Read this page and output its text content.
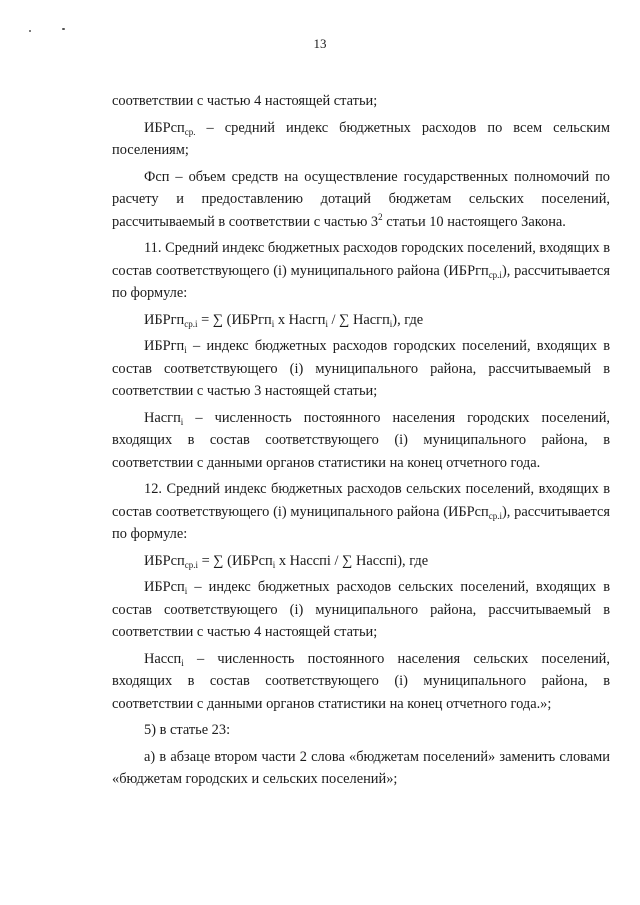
13

соответствии с частью 4 настоящей статьи;

ИБРсп$_{ср.}$ – средний индекс бюджетных расходов по всем сельским поселениям;

Фсп – объем средств на осуществление государственных полномочий по расчету и предоставлению дотаций бюджетам сельских поселений, рассчитываемый в соответствии с частью $3^2$ статьи 10 настоящего Закона.

11. Средний индекс бюджетных расходов городских поселений, входящих в состав соответствующего (i) муниципального района (ИБРгп$_{ср.i}$), рассчитывается по формуле:

ИБРгп$_{ср.i}$ = ∑ (ИБРгп$_i$ х Насгп$_i$ / ∑ Насгп$_i$), где

ИБРгп$_i$ – индекс бюджетных расходов городских поселений, входящих в состав соответствующего (i) муниципального района, рассчитываемый в соответствии с частью 3 настоящей статьи;

Насгп$_i$ – численность постоянного населения городских поселений, входящих в состав соответствующего (i) муниципального района, в соответствии с данными органов статистики на конец отчетного года.

12. Средний индекс бюджетных расходов сельских поселений, входящих в состав соответствующего (i) муниципального района (ИБРсп$_{ср.i}$), рассчитывается по формуле:

ИБРсп$_{ср.i}$ = ∑ (ИБРсп$_i$ х Насспi / ∑ Насспi), где

ИБРсп$_i$ – индекс бюджетных расходов сельских поселений, входящих в состав соответствующего (i) муниципального района, рассчитываемый в соответствии с частью 4 настоящей статьи;

Насcп$_i$ – численность постоянного населения сельских поселений, входящих в состав соответствующего (i) муниципального района, в соответствии с данными органов статистики на конец отчетного года.»;

5) в статье 23:

а) в абзаце втором части 2 слова «бюджетам поселений» заменить словами «бюджетам городских и сельских поселений»;
